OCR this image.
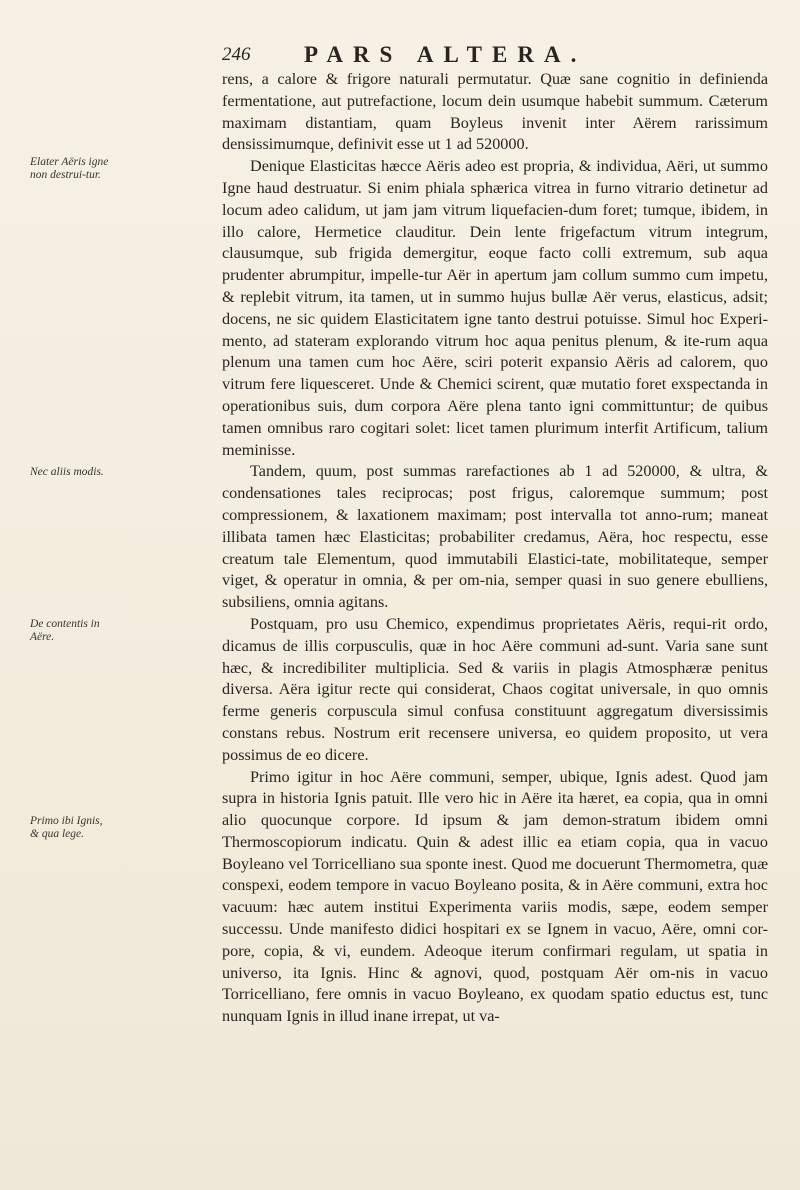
246 PARS ALTERA.
Elater Aëris igne non destrui-tur.
Nec aliis modis.
De contentis in Aëre.
Primo ibi Ignis, & qua lege.

rens, a calore & frigore naturali permutatur. Quæ sane cognitio in definienda fermentatione, aut putrefactione, locum dein usumque habebit summum. Cæterum maximam distantiam, quam Boyleus invenit inter Aërem rarissimum densissimumque, definivit esse ut 1 ad 520000.

Denique Elasticitas hæcce Aëris adeo est propria, & individua, Aëri, ut summo Igne haud destruatur. Si enim phiala sphærica vitrea in furno vitrario detinetur ad locum adeo calidum, ut jam jam vitrum liquefacien-dum foret; tumque, ibidem, in illo calore, Hermetice clauditur. Dein lente frigefactum vitrum integrum, clausumque, sub frigida demergitur, eoque facto colli extremum, sub aqua prudenter abrumpitur, impelle-tur Aër in apertum jam collum summo cum impetu, & replebit vitrum, ita tamen, ut in summo hujus bullæ Aër verus, elasticus, adsit; docens, ne sic quidem Elasticitatem igne tanto destrui potuisse. Simul hoc Experi-mento, ad stateram explorando vitrum hoc aqua penitus plenum, & ite-rum aqua plenum una tamen cum hoc Aëre, sciri poterit expansio Aëris ad calorem, quo vitrum fere liquesceret. Unde & Chemici scirent, quæ mutatio foret exspectanda in operationibus suis, dum corpora Aëre plena tanto igni committuntur; de quibus tamen omnibus raro cogitari solet: licet tamen plurimum interfit Artificum, talium meminisse.

Tandem, quum, post summas rarefactiones ab 1 ad 520000, & ultra, & condensationes tales reciprocas; post frigus, caloremque summum; post compressionem, & laxationem maximam; post intervalla tot anno-rum; maneat illibata tamen hæc Elasticitas; probabiliter credamus, Aëra, hoc respectu, esse creatum tale Elementum, quod immutabili Elastici-tate, mobilitateque, semper viget, & operatur in omnia, & per om-nia, semper quasi in suo genere ebulliens, subsiliens, omnia agitans.

Postquam, pro usu Chemico, expendimus proprietates Aëris, requi-rit ordo, dicamus de illis corpusculis, quæ in hoc Aëre communi ad-sunt. Varia sane sunt hæc, & incredibiliter multiplicia. Sed & variis in plagis Atmosphæræ penitus diversa. Aëra igitur recte qui considerat, Chaos cogitat universale, in quo omnis ferme generis corpuscula simul confusa constituunt aggregatum diversissimis constans rebus. Nostrum erit recensere universa, eo quidem proposito, ut vera possimus de eo dicere.

Primo igitur in hoc Aëre communi, semper, ubique, Ignis adest. Quod jam supra in historia Ignis patuit. Ille vero hic in Aëre ita hæret, ea copia, qua in omni alio quocunque corpore. Id ipsum & jam demon-stratum ibidem omni Thermoscopiorum indicatu. Quin & adest illic ea etiam copia, qua in vacuo Boyleano vel Torricelliano sua sponte inest. Quod me docuerunt Thermometra, quæ conspexi, eodem tempore in vacuo Boyleano posita, & in Aëre communi, extra hoc vacuum: hæc autem institui Experimenta variis modis, sæpe, eodem semper successu. Unde manifesto didici hospitari ex se Ignem in vacuo, Aëre, omni cor-pore, copia, & vi, eundem. Adeoque iterum confirmari regulam, ut spatia in universo, ita Ignis. Hinc & agnovi, quod, postquam Aër om-nis in vacuo Torricelliano, fere omnis in vacuo Boyleano, ex quodam spatio eductus est, tunc nunquam Ignis in illud inane irrepat, ut va-
